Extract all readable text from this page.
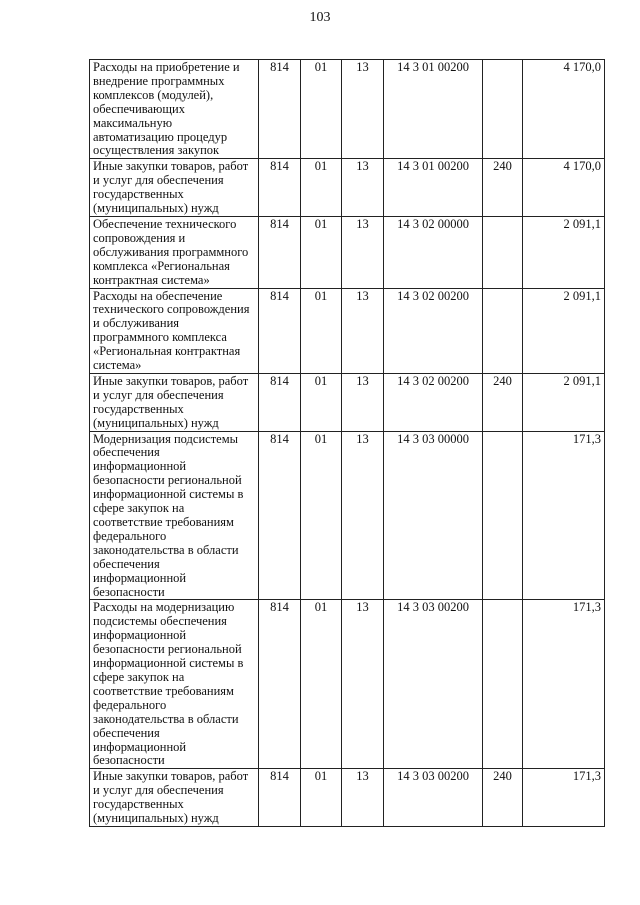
103
Расходы на приобретение и внедрение программных комплексов (модулей), обеспечивающих максимальную автоматизацию процедур осуществления закупок	814	01	13	14 3 01 00200		4 170,0
Иные закупки товаров, работ и услуг для обеспечения государственных (муниципальных) нужд	814	01	13	14 3 01 00200	240	4 170,0
Обеспечение технического сопровождения и обслуживания программного комплекса «Региональная контрактная система»	814	01	13	14 3 02 00000		2 091,1
Расходы на обеспечение технического сопровождения и обслуживания программного комплекса «Региональная контрактная система»	814	01	13	14 3 02 00200		2 091,1
Иные закупки товаров, работ и услуг для обеспечения государственных (муниципальных) нужд	814	01	13	14 3 02 00200	240	2 091,1
Модернизация подсистемы обеспечения информационной безопасности региональной информационной системы в сфере закупок на соответствие требованиям федерального законодательства в области обеспечения информационной безопасности	814	01	13	14 3 03 00000		171,3
Расходы на модернизацию подсистемы обеспечения информационной безопасности региональной информационной системы в сфере закупок на соответствие требованиям федерального законодательства в области обеспечения информационной безопасности	814	01	13	14 3 03 00200		171,3
Иные закупки товаров, работ и услуг для обеспечения государственных (муниципальных) нужд	814	01	13	14 3 03 00200	240	171,3
